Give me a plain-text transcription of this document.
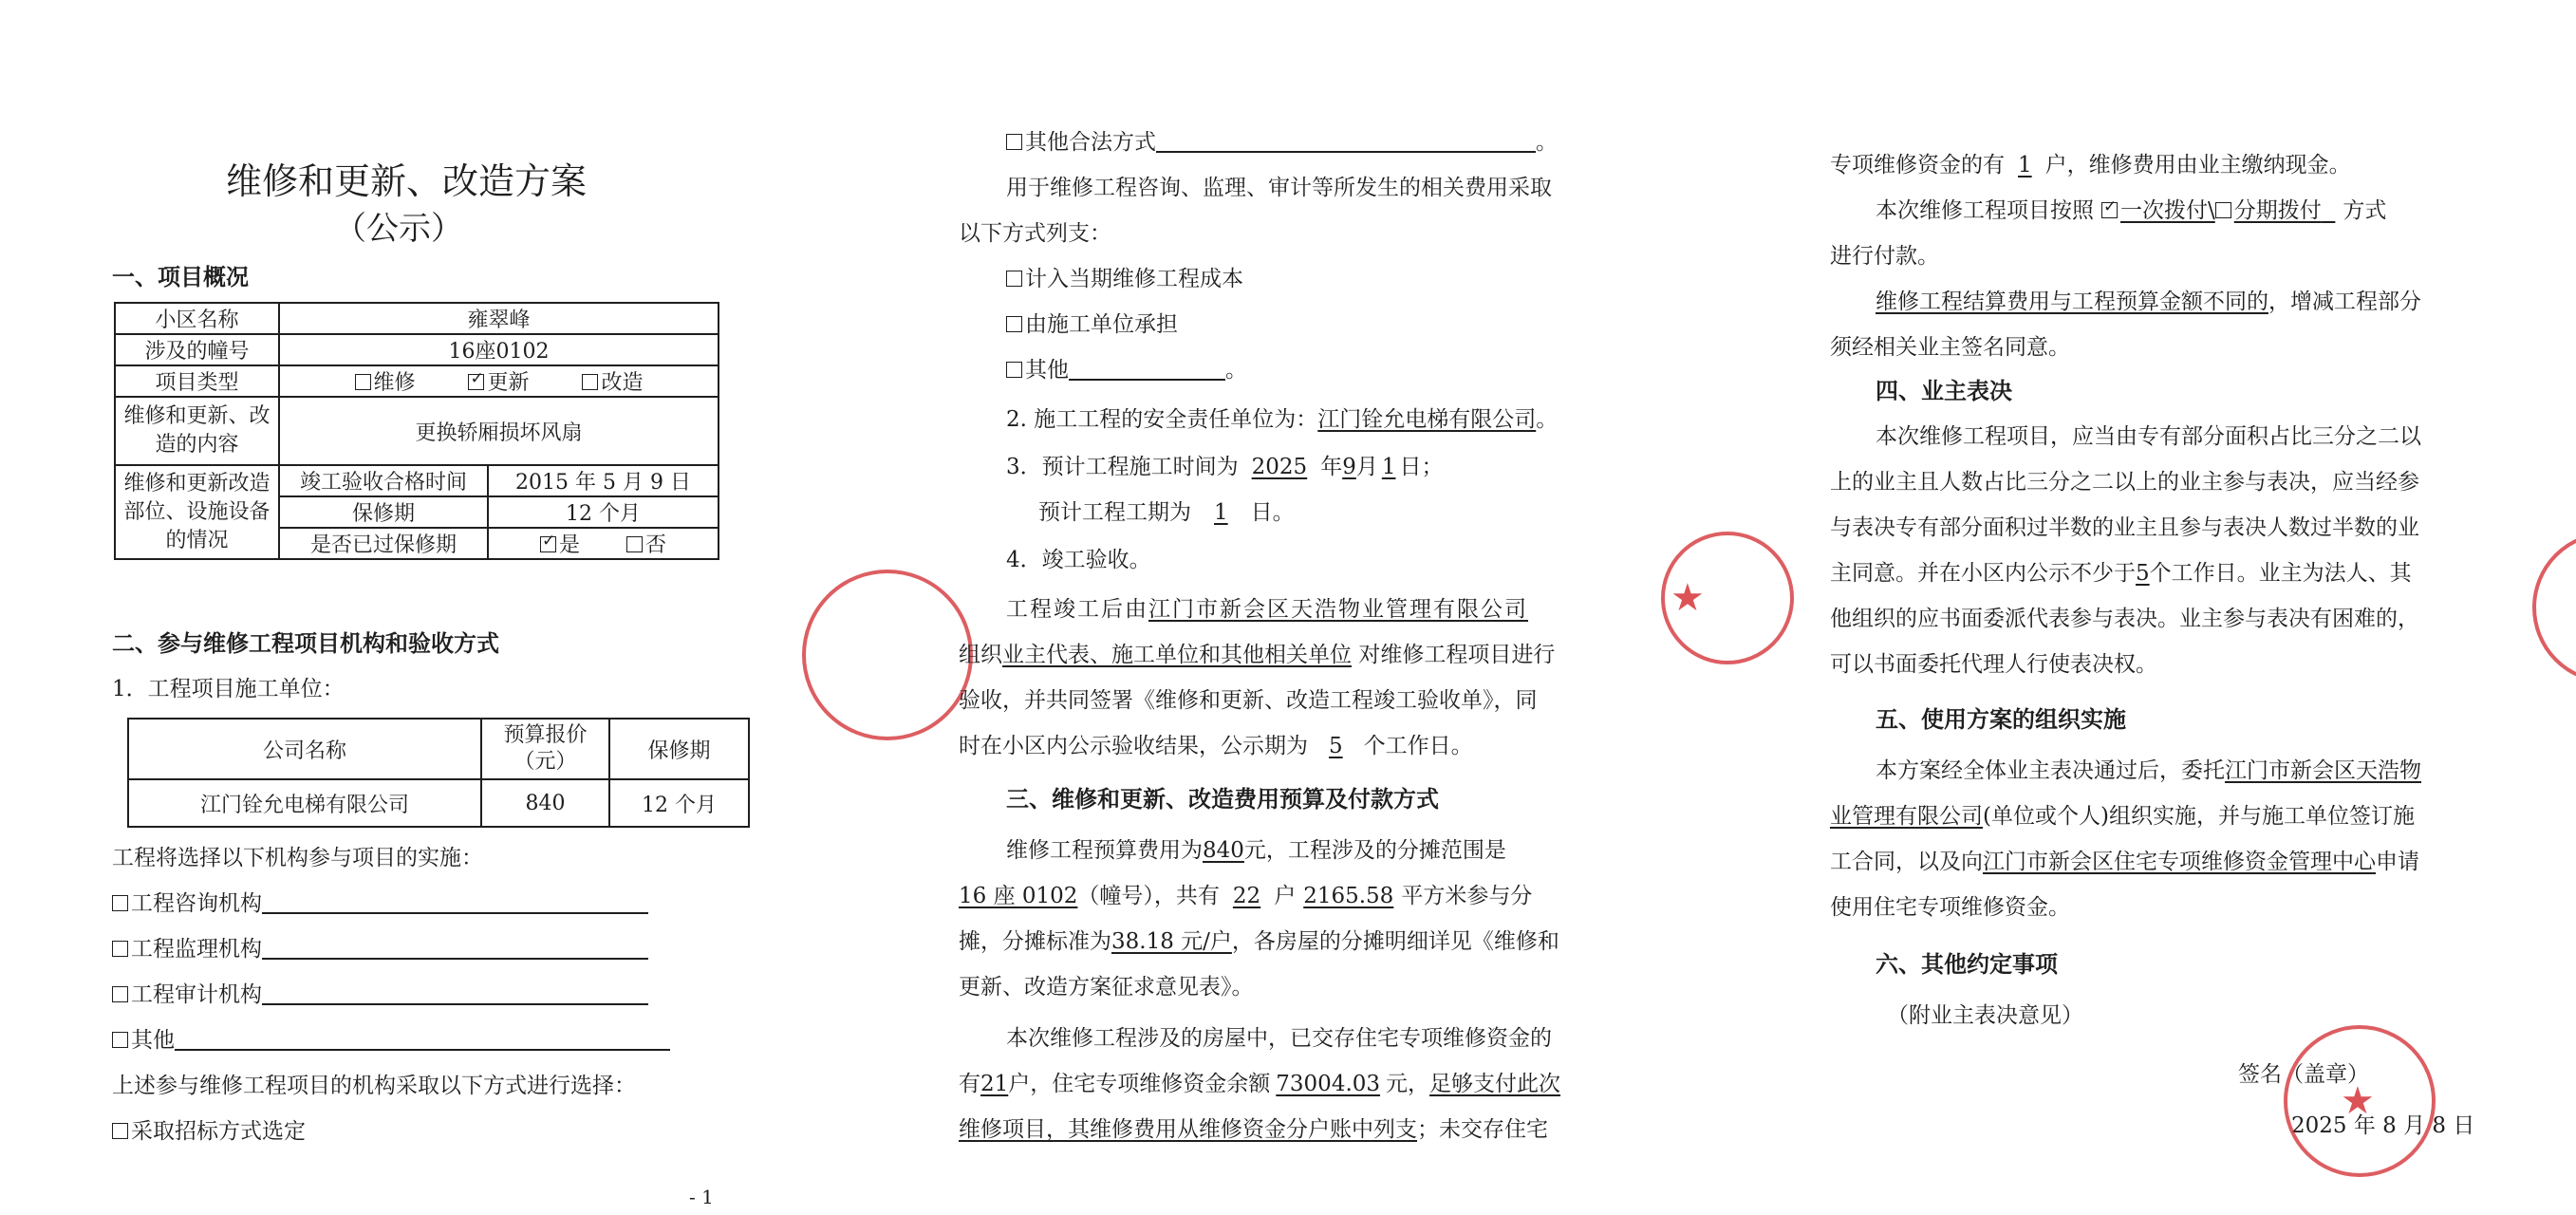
维修和更新、改造方案
（公示）
一、项目概况
小区名称	雍翠峰	
涉及的幢号	16座0102	
项目类型	维修 ✓ 更新 改造
维修和更新、改造的内容	更换轿厢损坏风扇	
维修和更新改造部位、设施设备的情况	竣工验收合格时间	2015 年 5 月 9 日
	保修期	12 个月
	是否已过保修期	✓是 否
二、参与维修工程项目机构和验收方式
1．工程项目施工单位：
公司名称	预算报价（元）	保修期
江门铨允电梯有限公司	840	12 个月
工程将选择以下机构参与项目的实施：
工程咨询机构
工程监理机构
工程审计机构
其他
上述参与维修工程项目的机构采取以下方式进行选择：
采取招标方式选定
- 1
其他合法方式	。
用于维修工程咨询、监理、审计等所发生的相关费用采取
以下方式列支：
计入当期维修工程成本
由施工单位承担
其他	。
2. 施工工程的安全责任单位为：江门铨允电梯有限公司。
3．预计工程施工时间为 2025 年9月 1 日；
预计工程工期为 1 日。
4．竣工验收。
工程竣工后由江门市新会区天浩物业管理有限公司
组织业主代表、施工单位和其他相关单位 对维修工程项目进行
验收，并共同签署《维修和更新、改造工程竣工验收单》，同
时在小区内公示验收结果，公示期为 5 个工作日。
三、维修和更新、改造费用预算及付款方式
维修工程预算费用为840元，工程涉及的分摊范围是
16 座 0102（幢号），共有 22 户 2165.58 平方米参与分
摊，分摊标准为38.18 元/户，各房屋的分摊明细详见《维修和
更新、改造方案征求意见表》。
本次维修工程涉及的房屋中，已交存住宅专项维修资金的
有21户，住宅专项维修资金余额 73004.03 元，足够支付此次
维修项目，其维修费用从维修资金分户账中列支；未交存住宅
★
专项维修资金的有 1 户，维修费用由业主缴纳现金。
本次维修工程项目按照 ✓ 一次拨付\ 分期拨付 方式
进行付款。
维修工程结算费用与工程预算金额不同的，增减工程部分
须经相关业主签名同意。
四、业主表决
本次维修工程项目，应当由专有部分面积占比三分之二以
上的业主且人数占比三分之二以上的业主参与表决，应当经参
与表决专有部分面积过半数的业主且参与表决人数过半数的业
主同意。并在小区内公示不少于5个工作日。业主为法人、其
他组织的应书面委派代表参与表决。业主参与表决有困难的，
可以书面委托代理人行使表决权。
五、使用方案的组织实施
本方案经全体业主表决通过后，委托江门市新会区天浩物
业管理有限公司(单位或个人)组织实施，并与施工单位签订施
工合同，以及向江门市新会区住宅专项维修资金管理中心申请
使用住宅专项维修资金。
六、其他约定事项
（附业主表决意见）
签名（盖章）
2025 年 8 月 8 日
★
